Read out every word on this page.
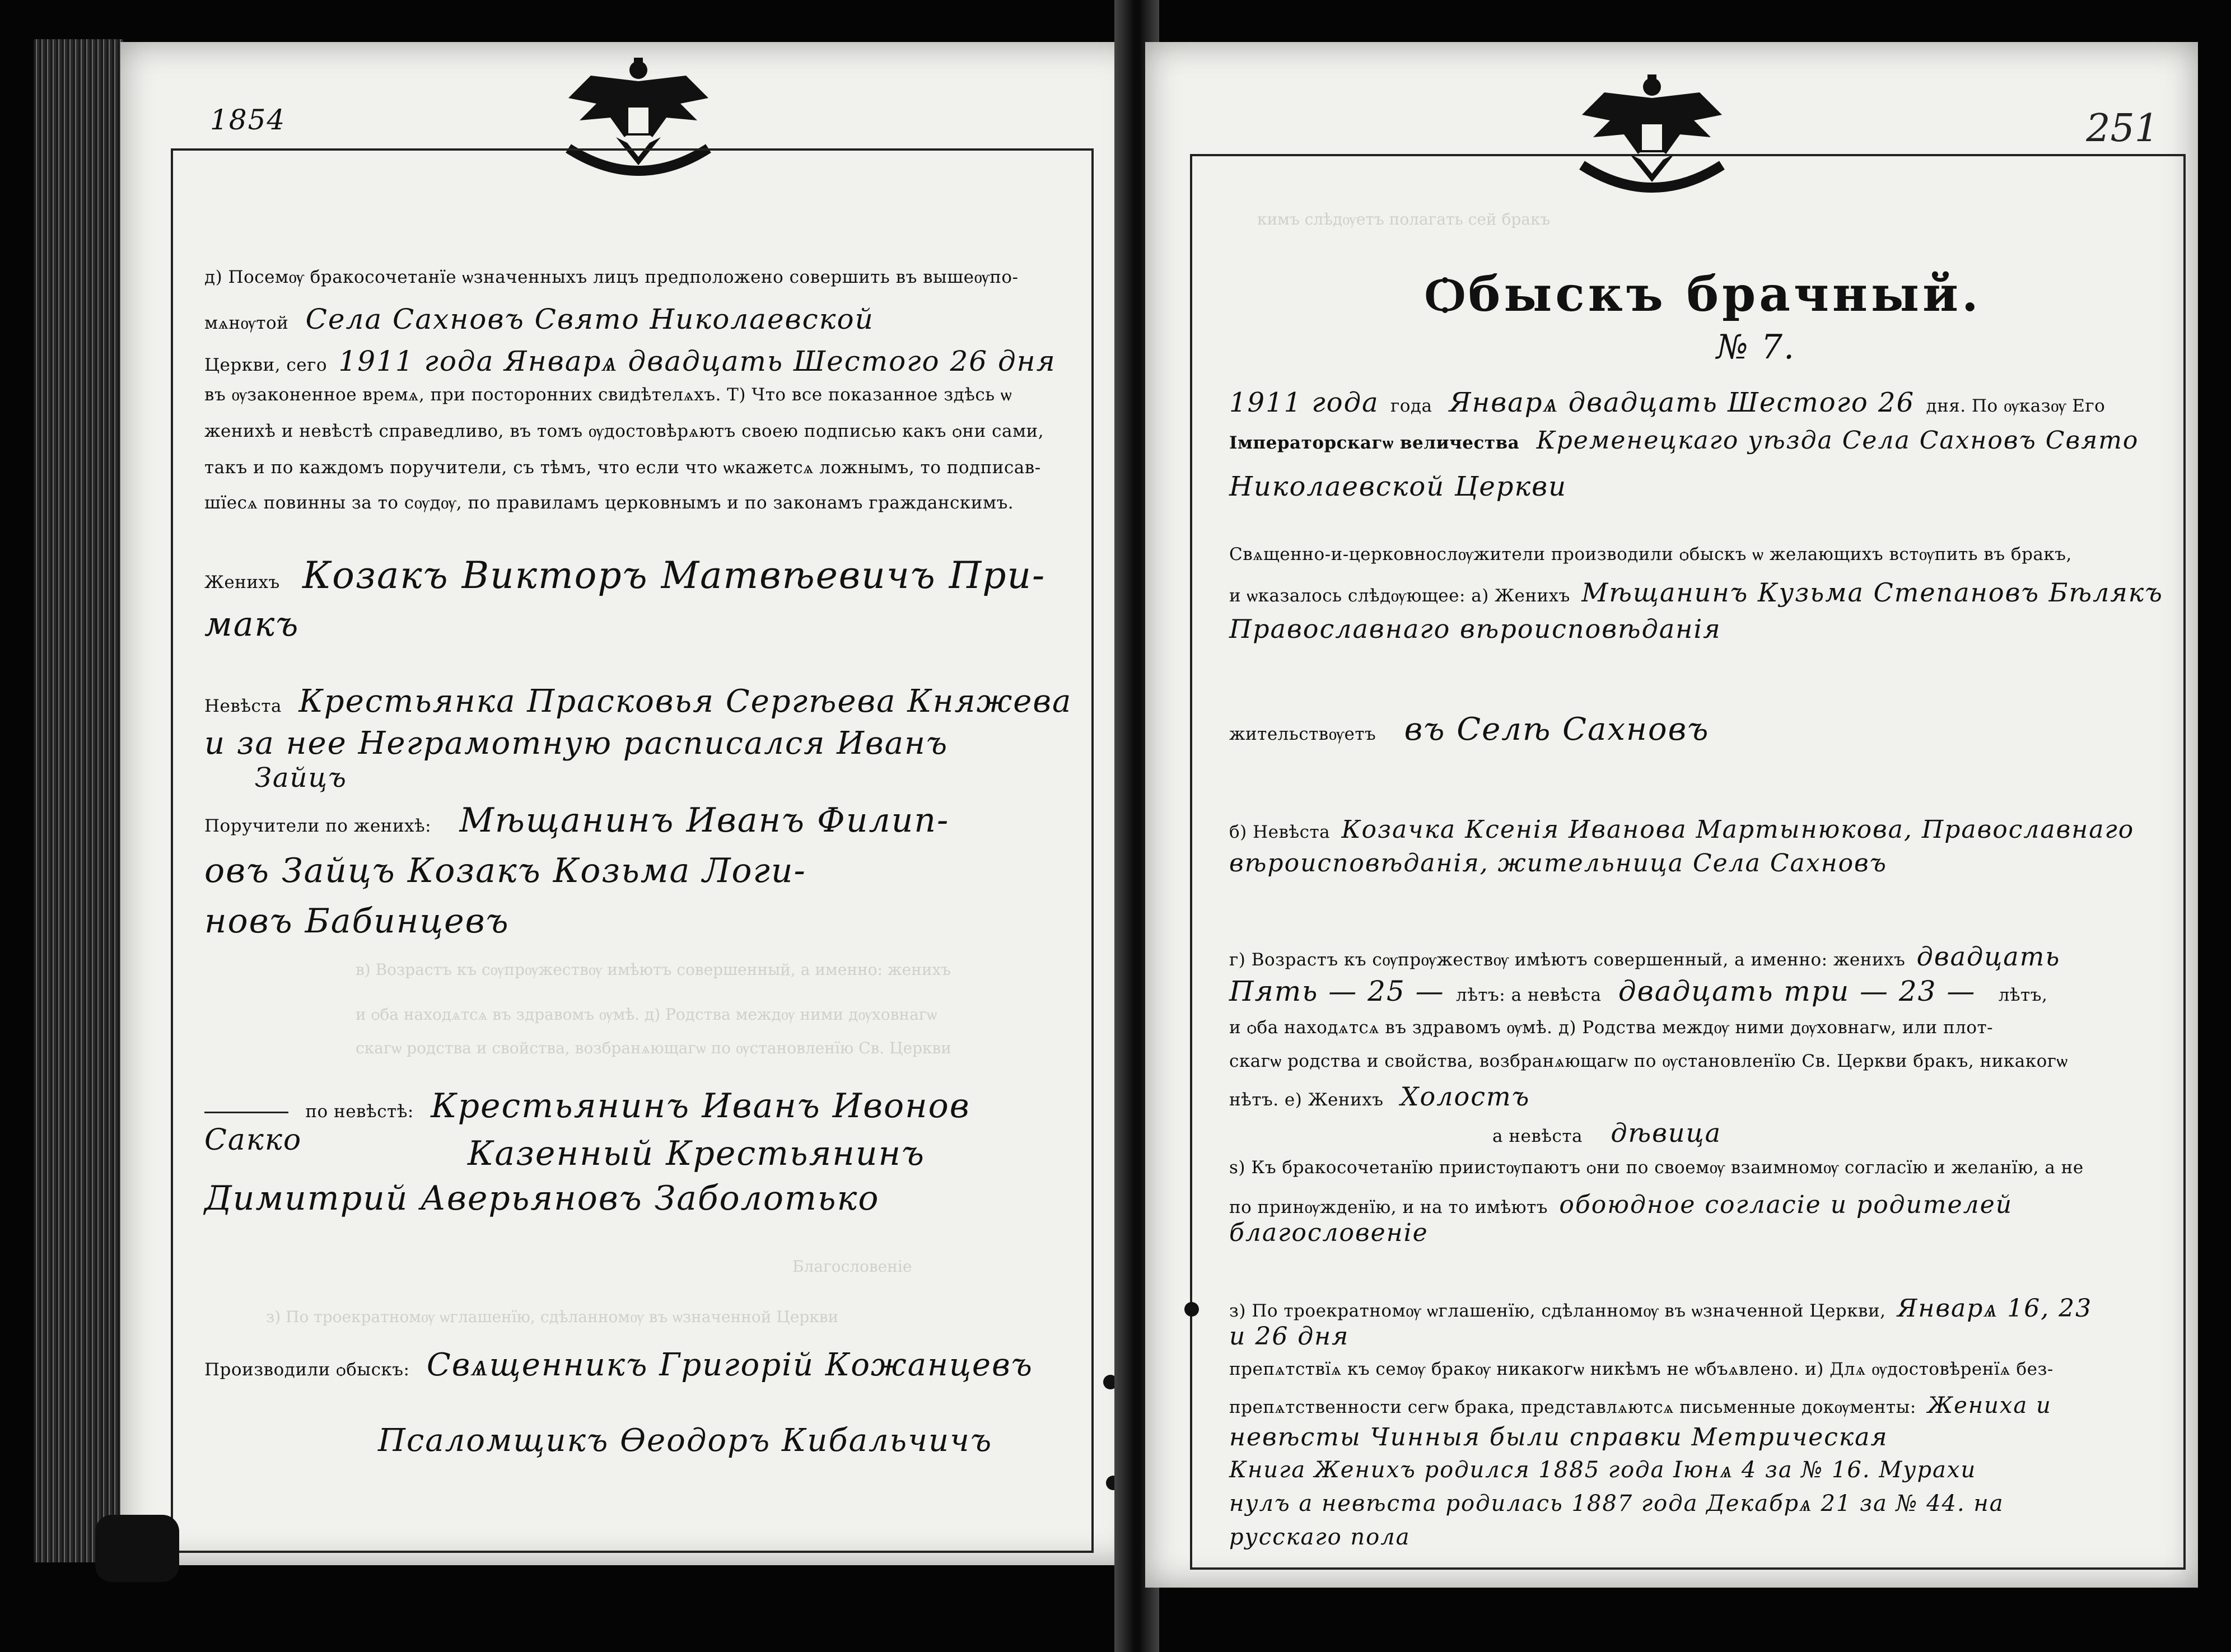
1854
д) Посемѹ бракосочетанїе ѡзначенныхъ лицъ предположено совершить въ вышеѹпо-
мѧнѹтой Села Сахновъ Свято Николаевской
Церкви, сего 1911 года Январѧ двадцать Шестого 26 дня
въ ѹзаконенное времѧ, при посторонних свидѣтелѧхъ. Т) Что все показанное здѣсь ѡ
женихѣ и невѣстѣ справедливо, въ томъ ѹдостовѣрѧютъ своею подписью какъ ѻни сами,
такъ и по каждомъ поручители, съ тѣмъ, что если что ѡкажетсѧ ложнымъ, то подписав-
шїесѧ повинны за то сѹдѹ, по правиламъ церковнымъ и по законамъ гражданскимъ.
Женихъ Козакъ Викторъ Матвѣевичъ При-
макъ
Невѣста Крестьянка Прасковья Сергѣева Княжева
и за нее Неграмотную расписался Иванъ
Зайцъ
Поручители по женихѣ: Мѣщанинъ Иванъ Филип-
овъ Зайцъ Козакъ Козьма Логи-
новъ Бабинцевъ
в) Возрастъ къ сѹпрѹжествѹ имѣютъ совершенный, а именно: женихъ
и ѻба находѧтсѧ въ здравомъ ѹмѣ. д) Родства междѹ ними дѹховнагѡ
скагѡ родства и свойства, возбранѧющагѡ по ѹстановленїю Св. Церкви
по невѣстѣ: Крестьянинъ Иванъ Ивонов
Сакко	Казенный Крестьянинъ
Димитрий Аверьяновъ Заболотько
Благословенiе
з) По троекратномѹ ѡглашенїю, сдѣланномѹ въ ѡзначенной Церкви
Производили ѻбыскъ: Свѧщенникъ Григорiй Кожанцевъ
Псаломщикъ Өеодоръ Кибальчичъ
251
кимъ слѣдѹетъ полагать сей бракъ
Ѻбыскъ брачный.
№ 7.
1911 года года Январѧ двадцать Шестого 26 дня. По ѹказѹ Его
Iмператорскагѡ величества Кременецкаго уѣзда Села Сахновъ Свято
Николаевской Церкви
Свѧщенно-и-церковнослѹжители производили ѻбыскъ ѡ желающихъ встѹпить въ бракъ,
и ѡказалось слѣдѹющее: а) Женихъ Мѣщанинъ Кузьма Степановъ Бѣлякъ
Православнаго вѣроисповѣданiя
жительствѹетъ въ Селѣ Сахновъ
б) Невѣста Козачка Ксенiя Иванова Мартынюкова, Православнаго
вѣроисповѣданiя, жительница Села Сахновъ
г) Возрастъ къ сѹпрѹжествѹ имѣютъ совершенный, а именно: женихъ двадцать
Пять — 25 — лѣтъ: а невѣста двадцать три — 23 — лѣтъ,
и ѻба находѧтсѧ въ здравомъ ѹмѣ. д) Родства междѹ ними дѹховнагѡ, или плот-
скагѡ родства и свойства, возбранѧющагѡ по ѹстановленїю Св. Церкви бракъ, никакогѡ
нѣтъ. е) Женихъ Холостъ
а невѣста дѣвица
ѕ) Къ бракосочетанїю приистѹпаютъ ѻни по своемѹ взаимномѹ согласїю и желанїю, а не
по принѹжденїю, и на то имѣютъ обоюдное согласiе и родителей
благословенiе
з) По троекратномѹ ѡглашенїю, сдѣланномѹ въ ѡзначенной Церкви, Январѧ 16, 23
и 26 дня
препѧтствїѧ къ семѹ бракѹ никакогѡ никѣмъ не ѡбъѧвлено. и) Длѧ ѹдостовѣренїѧ без-
препѧтственности сегѡ брака, представлѧютсѧ письменные докѹменты: Жениха и
невѣсты Чинныя были справки Метрическая
Книга Женихъ родился 1885 года Iюнѧ 4 за № 16. Мурахи
нулъ а невѣста родилась 1887 года Декабрѧ 21 за № 44. на
русскаго пола
